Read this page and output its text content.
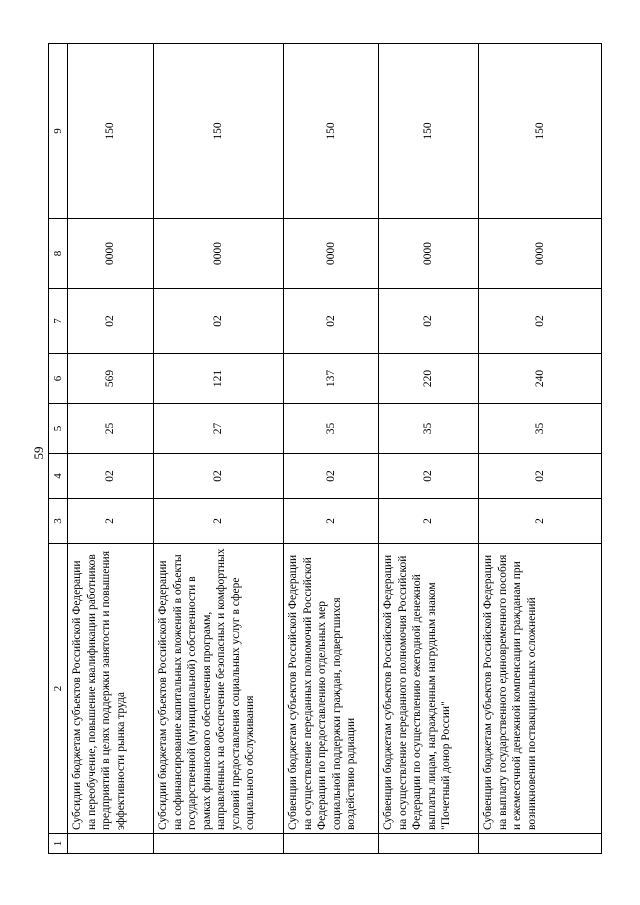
59
1	2	3	4	5	6	7	8	9
	Субсидии бюджетам субъектов Российской Федерации на переобучение, повышение квалификации работников предприятий в целях поддержки занятости и повышения эффективности рынка труда	2	02	25	569	02	0000	150
	Субсидии бюджетам субъектов Российской Федерации на софинансирование капитальных вложений в объекты государственной (муниципальной) собственности в рамках финансового обеспечения программ, направленных на обеспечение безопасных и комфортных условий предоставления социальных услуг в сфере социального обслуживания	2	02	27	121	02	0000	150
	Субвенции бюджетам субъектов Российской Федерации на осуществление переданных полномочий Российской Федерации по предоставлению отдельных мер социальной поддержки граждан, подвергшихся воздействию радиации	2	02	35	137	02	0000	150
	Субвенции бюджетам субъектов Российской Федерации на осуществление переданного полномочия Российской Федерации по осуществлению ежегодной денежной выплаты лицам, награжденным нагрудным знаком "Почетный донор России"	2	02	35	220	02	0000	150
	Субвенции бюджетам субъектов Российской Федерации на выплату государственного единовременного пособия и ежемесячной денежной компенсации гражданам при возникновении поствакцинальных осложнений	2	02	35	240	02	0000	150
